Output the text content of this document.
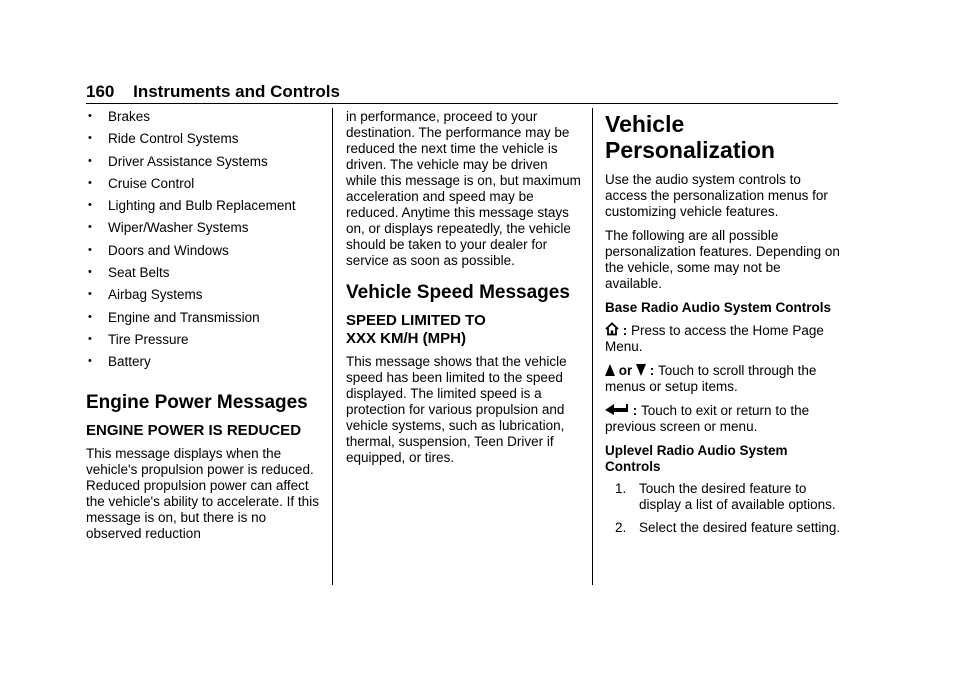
160 Instruments and Controls
• Brakes
• Ride Control Systems
• Driver Assistance Systems
• Cruise Control
• Lighting and Bulb Replacement
• Wiper/Washer Systems
• Doors and Windows
• Seat Belts
• Airbag Systems
• Engine and Transmission
• Tire Pressure
• Battery
Engine Power Messages
ENGINE POWER IS REDUCED

This message displays when the vehicle's propulsion power is reduced. Reduced propulsion power can affect the vehicle's ability to accelerate. If this message is on, but there is no observed reduction

in performance, proceed to your destination. The performance may be reduced the next time the vehicle is driven. The vehicle may be driven while this message is on, but maximum acceleration and speed may be reduced. Anytime this message stays on, or displays repeatedly, the vehicle should be taken to your dealer for service as soon as possible.

Vehicle Speed Messages
SPEED LIMITED TO
XXX KM/H (MPH)

This message shows that the vehicle speed has been limited to the speed displayed. The limited speed is a protection for various propulsion and vehicle systems, such as lubrication, thermal, suspension, Teen Driver if equipped, or tires.

Vehicle
Personalization

Use the audio system controls to access the personalization menus for customizing vehicle features.

The following are all possible personalization features. Depending on the vehicle, some may not be available.

Base Radio Audio System Controls

: Press to access the Home Page Menu.

or  : Touch to scroll through the menus or setup items.

: Touch to exit or return to the previous screen or menu.

Uplevel Radio Audio System Controls

1. Touch the desired feature to display a list of available options.
2. Select the desired feature setting.
